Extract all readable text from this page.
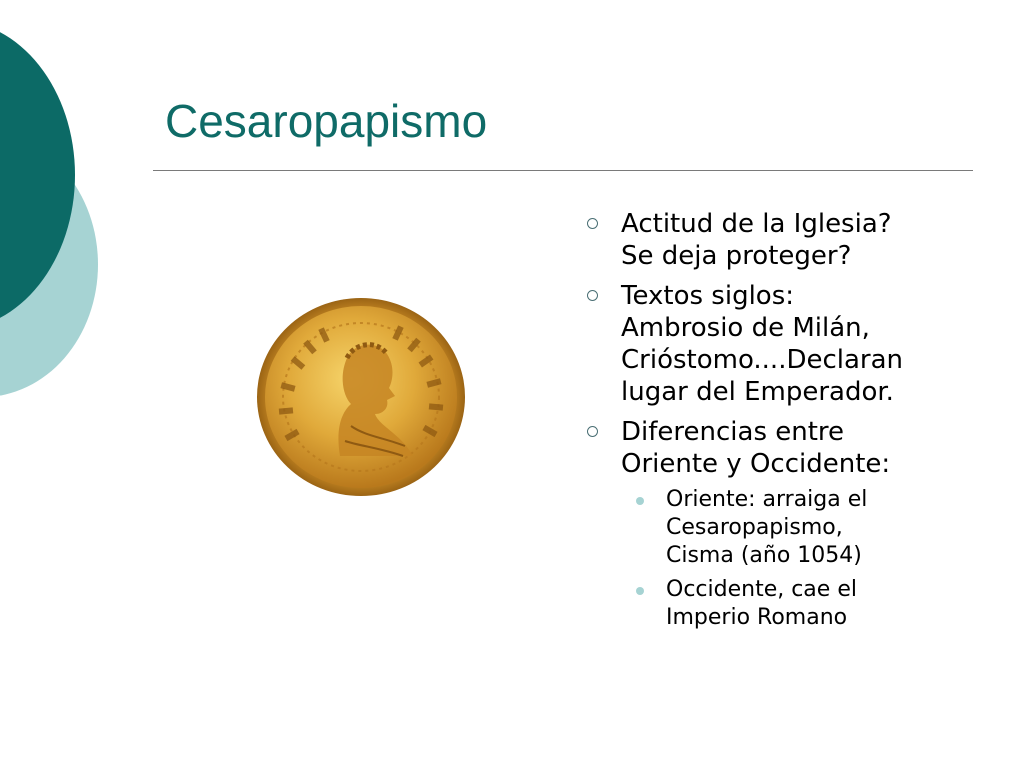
Cesaropapismo
Actitud de la Iglesia?
Se deja proteger?
Textos siglos:
Ambrosio de Milán,
Crióstomo....Declaran
lugar del Emperador.
Diferencias entre
Oriente y Occidente:
Oriente: arraiga el
Cesaropapismo,
Cisma (año 1054)
Occidente, cae el
Imperio Romano
